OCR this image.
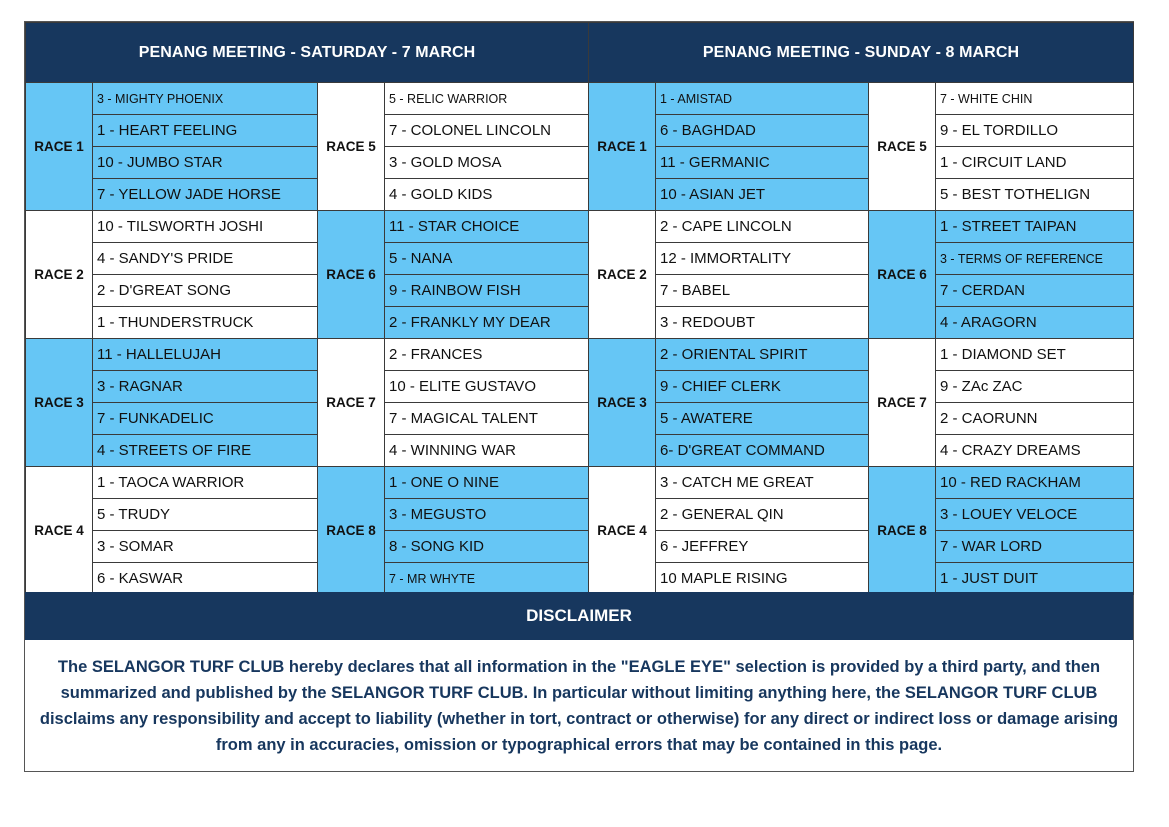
PENANG MEETING - SATURDAY - 7 MARCH				PENANG MEETING - SUNDAY - 8 MARCH			
RACE 1	3 - MIGHTY PHOENIX	RACE 5	5 - RELIC WARRIOR	RACE 1	1 - AMISTAD	RACE 5	7 - WHITE CHIN
	1 - HEART FEELING		7 - COLONEL LINCOLN		6 - BAGHDAD		9 - EL TORDILLO
	10 - JUMBO STAR		3 - GOLD MOSA		11 - GERMANIC		1 - CIRCUIT LAND
	7 - YELLOW JADE HORSE		4 - GOLD KIDS		10 - ASIAN JET		5 - BEST TOTHELIGN
RACE 2	10 - TILSWORTH JOSHI	RACE 6	11 - STAR CHOICE	RACE 2	2 - CAPE LINCOLN	RACE 6	1 - STREET TAIPAN
	4 - SANDY'S PRIDE		5 - NANA		12 - IMMORTALITY		3 - TERMS OF REFERENCE
	2 - D'GREAT SONG		9 - RAINBOW FISH		7 - BABEL		7 - CERDAN
	1 - THUNDERSTRUCK		2 - FRANKLY MY DEAR		3 - REDOUBT		4 - ARAGORN
RACE 3	11 - HALLELUJAH	RACE 7	2 - FRANCES	RACE 3	2 - ORIENTAL SPIRIT	RACE 7	1 - DIAMOND SET
	3 - RAGNAR		10 - ELITE GUSTAVO		9 - CHIEF CLERK		9 - ZAc ZAC
	7 - FUNKADELIC		7 - MAGICAL TALENT		5 - AWATERE		2 - CAORUNN
	4 - STREETS OF FIRE		4 - WINNING WAR		6- D'GREAT COMMAND		4 - CRAZY DREAMS
RACE 4	1 - TAOCA WARRIOR	RACE 8	1 - ONE O NINE	RACE 4	3 - CATCH ME GREAT	RACE 8	10 - RED RACKHAM
	5 - TRUDY		3 - MEGUSTO		2 - GENERAL QIN		3 - LOUEY VELOCE
	3 - SOMAR		8 - SONG KID		6 - JEFFREY		7 - WAR LORD
	6 - KASWAR		7 - MR WHYTE		10 MAPLE RISING		1 - JUST DUIT
DISCLAIMER
The SELANGOR TURF CLUB hereby declares that all information in the "EAGLE EYE" selection is provided by a third party, and then summarized and published by the SELANGOR TURF CLUB. In particular without limiting anything here, the SELANGOR TURF CLUB disclaims any responsibility and accept to liability (whether in tort, contract or otherwise) for any direct or indirect loss or damage arising from any in accuracies, omission or typographical errors that may be contained in this page.
